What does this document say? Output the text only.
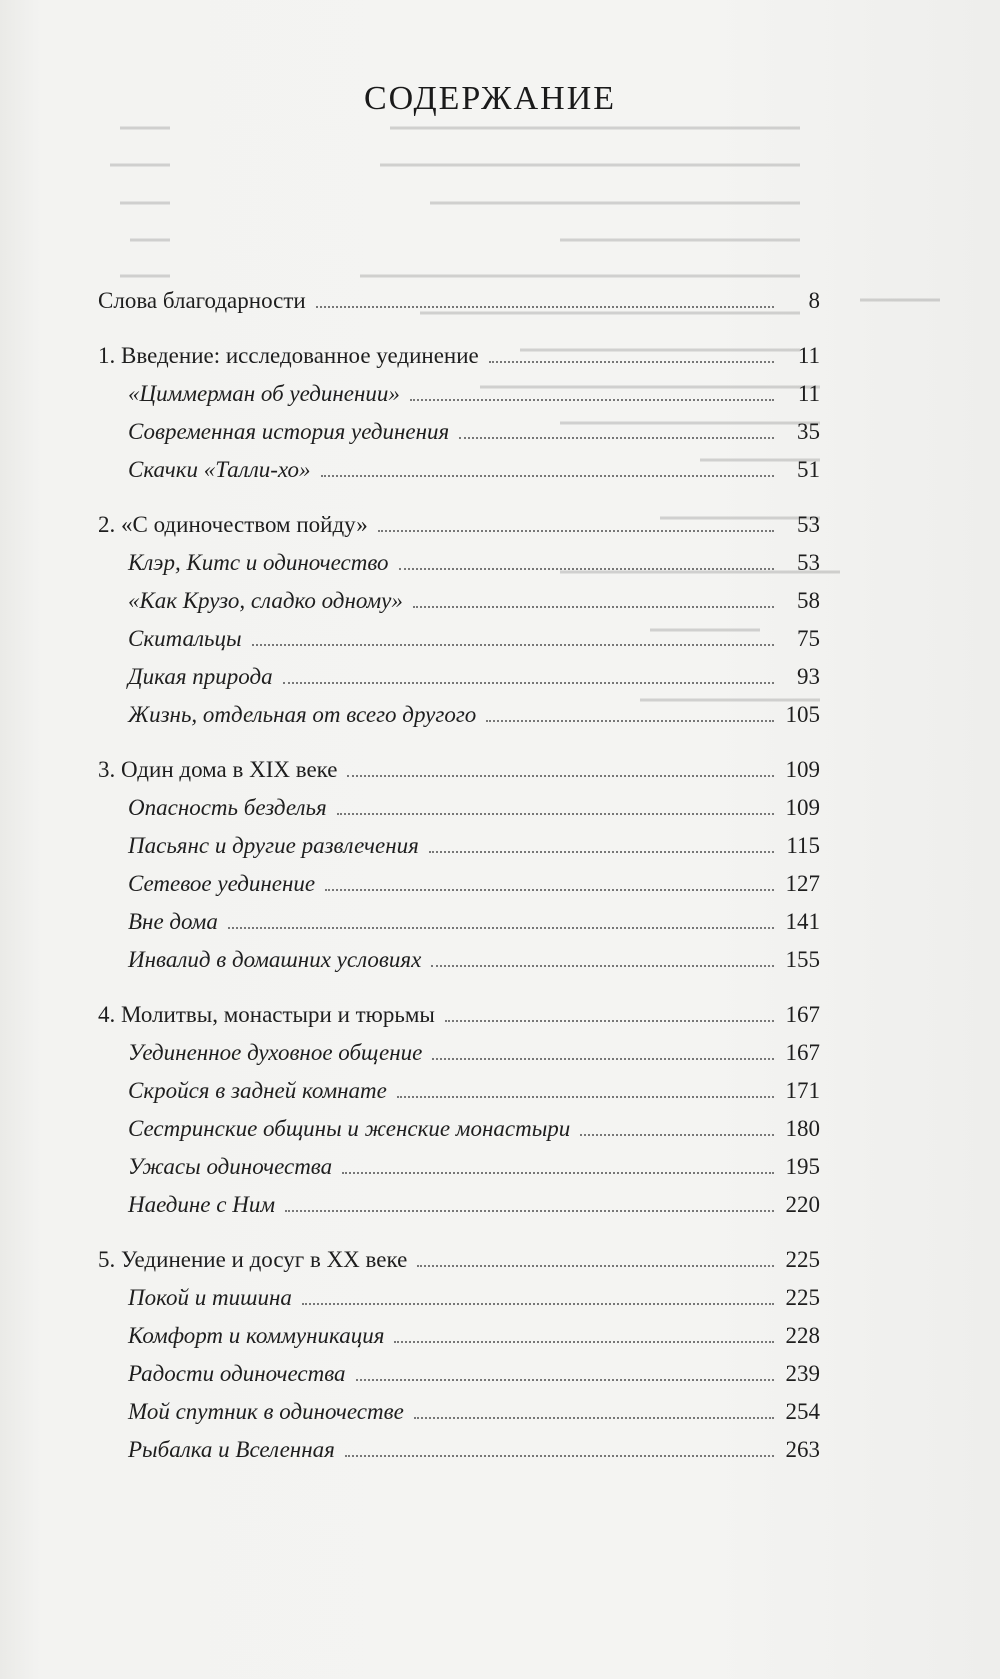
СОДЕРЖАНИЕ
Слова благодарности	8
1. Введение: исследованное уединение	11
«Циммерман об уединении»	11
Современная история уединения	35
Скачки «Талли-хо»	51
2. «С одиночеством пойду»	53
Клэр, Китс и одиночество	53
«Как Крузо, сладко одному»	58
Скитальцы	75
Дикая природа	93
Жизнь, отдельная от всего другого	105
3. Один дома в XIX веке	109
Опасность безделья	109
Пасьянс и другие развлечения	115
Сетевое уединение	127
Вне дома	141
Инвалид в домашних условиях	155
4. Молитвы, монастыри и тюрьмы	167
Уединенное духовное общение	167
Скройся в задней комнате	171
Сестринские общины и женские монастыри	180
Ужасы одиночества	195
Наедине с Ним	220
5. Уединение и досуг в XX веке	225
Покой и тишина	225
Комфорт и коммуникация	228
Радости одиночества	239
Мой спутник в одиночестве	254
Рыбалка и Вселенная	263
